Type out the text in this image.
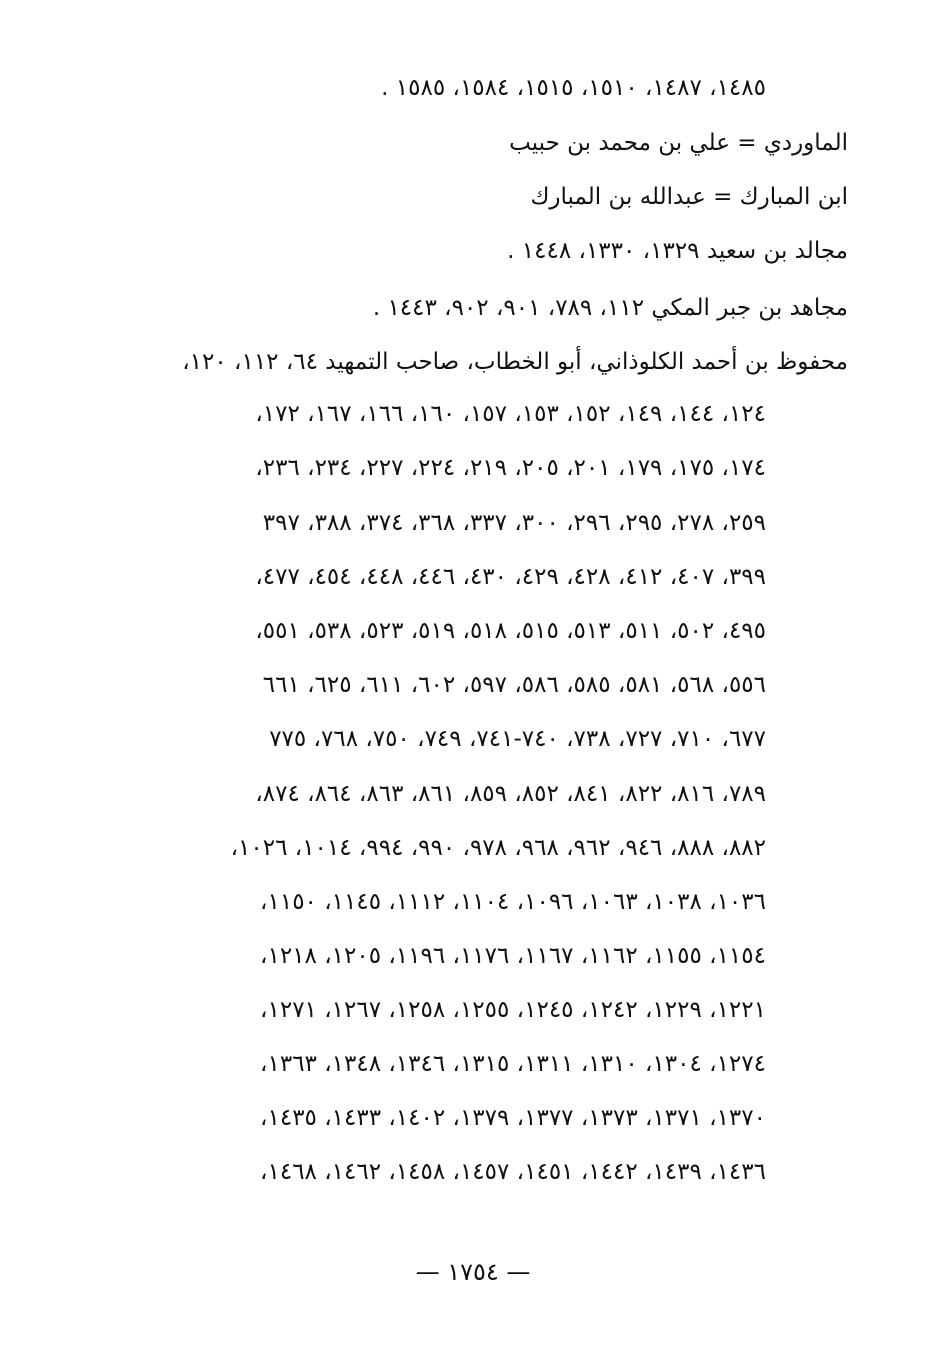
١٤٨٥، ١٤٨٧، ١٥١٠، ١٥١٥، ١٥٨٤، ١٥٨٥ .
الماوردي = علي بن محمد بن حبيب
ابن المبارك = عبدالله بن المبارك
مجالد بن سعيد ١٣٢٩، ١٣٣٠، ١٤٤٨ .
مجاهد بن جبر المكي ١١٢، ٧٨٩، ٩٠١، ٩٠٢، ١٤٤٣ .
محفوظ بن أحمد الكلوذاني، أبو الخطاب، صاحب التمهيد ٦٤، ١١٢، ١٢٠،
١٢٤، ١٤٤، ١٤٩، ١٥٢، ١٥٣، ١٥٧، ١٦٠، ١٦٦، ١٦٧، ١٧٢،
١٧٤، ١٧٥، ١٧٩، ٢٠١، ٢٠٥، ٢١٩، ٢٢٤، ٢٢٧، ٢٣٤، ٢٣٦،
٢٥٩، ٢٧٨، ٢٩٥، ٢٩٦، ٣٠٠، ٣٣٧، ٣٦٨، ٣٧٤، ٣٨٨، ٣٩٧
٣٩٩، ٤٠٧، ٤١٢، ٤٢٨، ٤٢٩، ٤٣٠، ٤٤٦، ٤٤٨، ٤٥٤، ٤٧٧،
٤٩٥، ٥٠٢، ٥١١، ٥١٣، ٥١٥، ٥١٨، ٥١٩، ٥٢٣، ٥٣٨، ٥٥١،
٥٥٦، ٥٦٨، ٥٨١، ٥٨٥، ٥٨٦، ٥٩٧، ٦٠٢، ٦١١، ٦٢٥، ٦٦١
٦٧٧، ٧١٠، ٧٢٧، ٧٣٨، ٧٤٠-٧٤١، ٧٤٩، ٧٥٠، ٧٦٨، ٧٧٥
٧٨٩، ٨١٦، ٨٢٢، ٨٤١، ٨٥٢، ٨٥٩، ٨٦١، ٨٦٣، ٨٦٤، ٨٧٤،
٨٨٢، ٨٨٨، ٩٤٦، ٩٦٢، ٩٦٨، ٩٧٨، ٩٩٠، ٩٩٤، ١٠١٤، ١٠٢٦،
١٠٣٦، ١٠٣٨، ١٠٦٣، ١٠٩٦، ١١٠٤، ١١١٢، ١١٤٥، ١١٥٠،
١١٥٤، ١١٥٥، ١١٦٢، ١١٦٧، ١١٧٦، ١١٩٦، ١٢٠٥، ١٢١٨،
١٢٢١، ١٢٢٩، ١٢٤٢، ١٢٤٥، ١٢٥٥، ١٢٥٨، ١٢٦٧، ١٢٧١،
١٢٧٤، ١٣٠٤، ١٣١٠، ١٣١١، ١٣١٥، ١٣٤٦، ١٣٤٨، ١٣٦٣،
١٣٧٠، ١٣٧١، ١٣٧٣، ١٣٧٧، ١٣٧٩، ١٤٠٢، ١٤٣٣، ١٤٣٥،
١٤٣٦، ١٤٣٩، ١٤٤٢، ١٤٥١، ١٤٥٧، ١٤٥٨، ١٤٦٢، ١٤٦٨،
— ١٧٥٤ —
